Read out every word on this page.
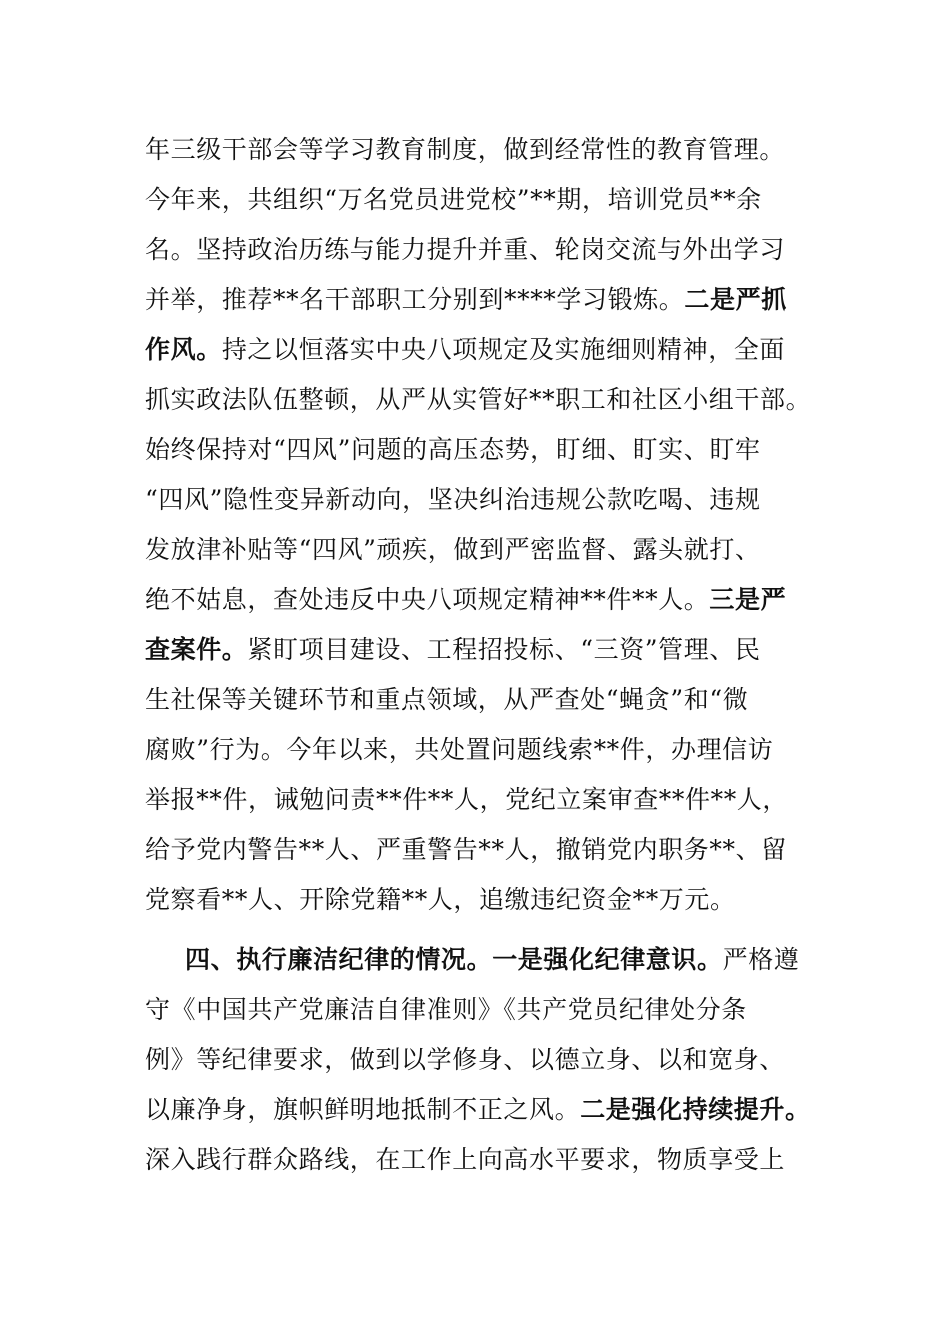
年三级干部会等学习教育制度，做到经常性的教育管理。
今年来，共组织“万名党员进党校”**期，培训党员**余
名。坚持政治历练与能力提升并重、轮岗交流与外出学习
并举，推荐**名干部职工分别到****学习锻炼。二是严抓
作风。持之以恒落实中央八项规定及实施细则精神，全面
抓实政法队伍整顿，从严从实管好**职工和社区小组干部。
始终保持对“四风”问题的高压态势，盯细、盯实、盯牢
“四风”隐性变异新动向，坚决纠治违规公款吃喝、违规
发放津补贴等“四风”顽疾，做到严密监督、露头就打、
绝不姑息，查处违反中央八项规定精神**件**人。三是严
查案件。紧盯项目建设、工程招投标、“三资”管理、民
生社保等关键环节和重点领域，从严查处“蝇贪”和“微
腐败”行为。今年以来，共处置问题线索**件，办理信访
举报**件，诫勉问责**件**人，党纪立案审查**件**人，
给予党内警告**人、严重警告**人，撤销党内职务**、留
党察看**人、开除党籍**人，追缴违纪资金**万元。
四、执行廉洁纪律的情况。一是强化纪律意识。严格遵
守《中国共产党廉洁自律准则》《共产党员纪律处分条
例》等纪律要求，做到以学修身、以德立身、以和宽身、
以廉净身，旗帜鲜明地抵制不正之风。二是强化持续提升。
深入践行群众路线，在工作上向高水平要求，物质享受上
